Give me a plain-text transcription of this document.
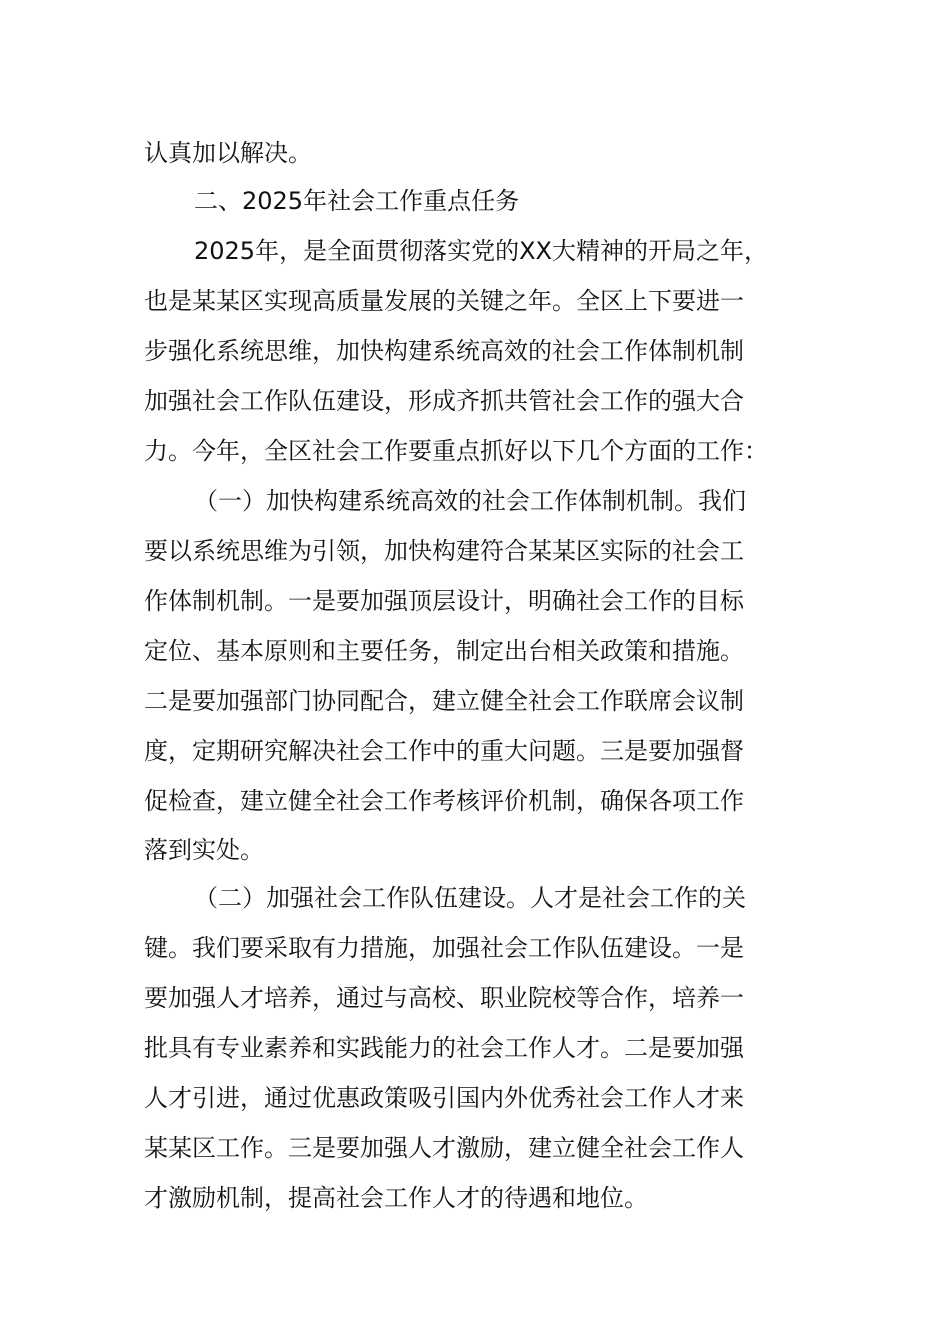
认真加以解决。
二、2025年社会工作重点任务
2025年，是全面贯彻落实党的XX大精神的开局之年，
也是某某区实现高质量发展的关键之年。全区上下要进一
步强化系统思维，加快构建系统高效的社会工作体制机制
加强社会工作队伍建设，形成齐抓共管社会工作的强大合
力。今年，全区社会工作要重点抓好以下几个方面的工作：
（一）加快构建系统高效的社会工作体制机制。我们
要以系统思维为引领，加快构建符合某某区实际的社会工
作体制机制。一是要加强顶层设计，明确社会工作的目标
定位、基本原则和主要任务，制定出台相关政策和措施。
二是要加强部门协同配合，建立健全社会工作联席会议制
度，定期研究解决社会工作中的重大问题。三是要加强督
促检查，建立健全社会工作考核评价机制，确保各项工作
落到实处。
（二）加强社会工作队伍建设。人才是社会工作的关
键。我们要采取有力措施，加强社会工作队伍建设。一是
要加强人才培养，通过与高校、职业院校等合作，培养一
批具有专业素养和实践能力的社会工作人才。二是要加强
人才引进，通过优惠政策吸引国内外优秀社会工作人才来
某某区工作。三是要加强人才激励，建立健全社会工作人
才激励机制，提高社会工作人才的待遇和地位。
